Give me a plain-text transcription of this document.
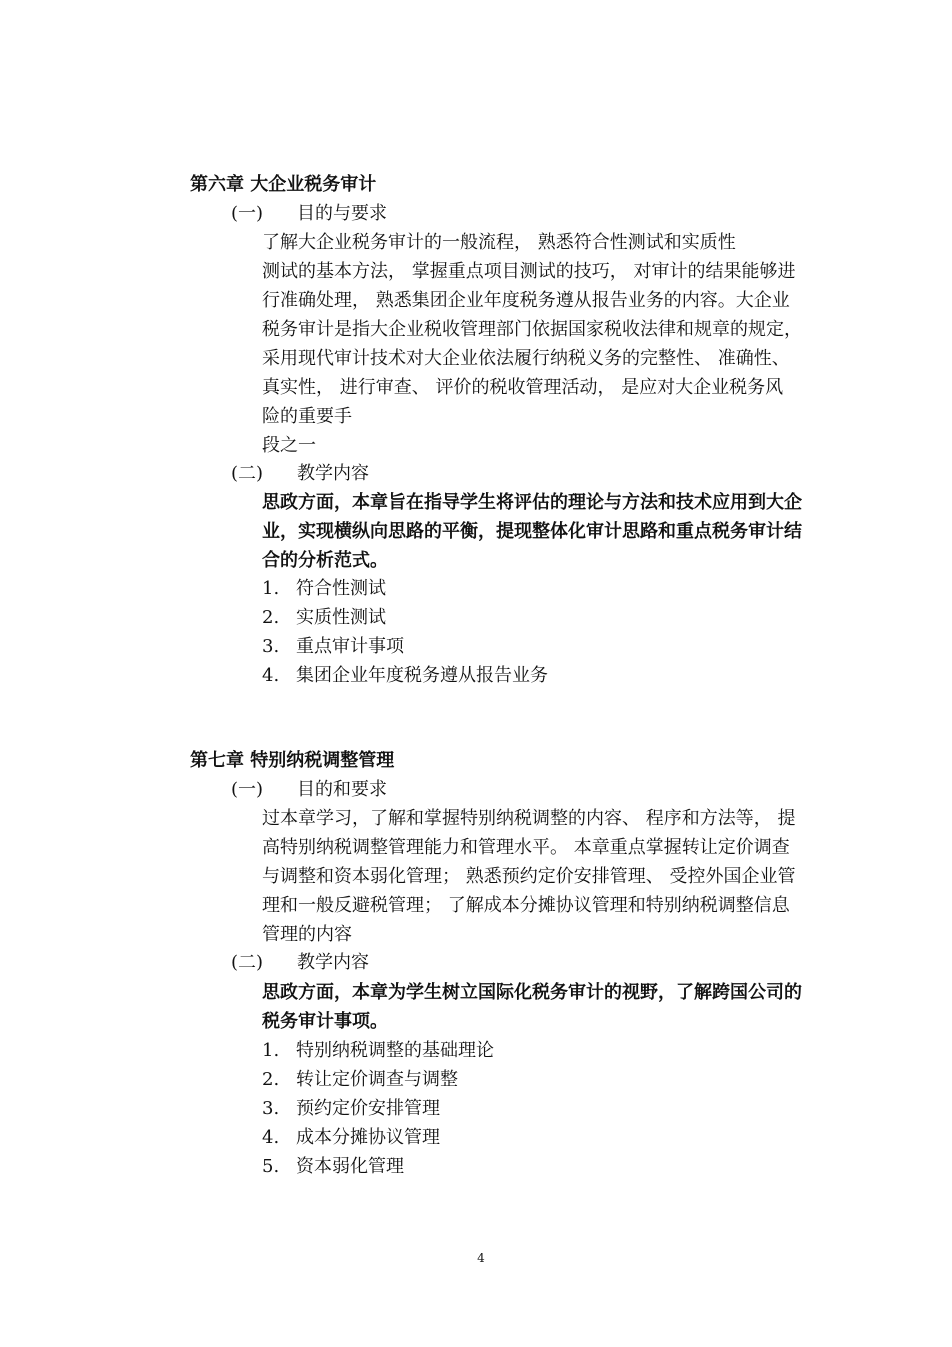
第六章 大企业税务审计
(一) 目的与要求

了解大企业税务审计的一般流程， 熟悉符合性测试和实质性
测试的基本方法， 掌握重点项目测试的技巧， 对审计的结果能够进
行准确处理， 熟悉集团企业年度税务遵从报告业务的内容。大企业
税务审计是指大企业税收管理部门依据国家税收法律和规章的规定，
采用现代审计技术对大企业依法履行纳税义务的完整性、 准确性、
真实性， 进行审查、 评价的税收管理活动， 是应对大企业税务风
险的重要手
段之一

(二) 教学内容

思政方面，本章旨在指导学生将评估的理论与方法和技术应用到大企
业，实现横纵向思路的平衡，提现整体化审计思路和重点税务审计结
合的分析范式。

1. 符合性测试
2. 实质性测试
3. 重点审计事项
4. 集团企业年度税务遵从报告业务
第七章 特别纳税调整管理
(一) 目的和要求

过本章学习，了解和掌握特别纳税调整的内容、 程序和方法等， 提
高特别纳税调整管理能力和管理水平。 本章重点掌握转让定价调查
与调整和资本弱化管理； 熟悉预约定价安排管理、 受控外国企业管
理和一般反避税管理； 了解成本分摊协议管理和特别纳税调整信息
管理的内容

(二) 教学内容

思政方面，本章为学生树立国际化税务审计的视野，了解跨国公司的
税务审计事项。

1. 特别纳税调整的基础理论
2. 转让定价调查与调整
3. 预约定价安排管理
4. 成本分摊协议管理
5. 资本弱化管理
4
